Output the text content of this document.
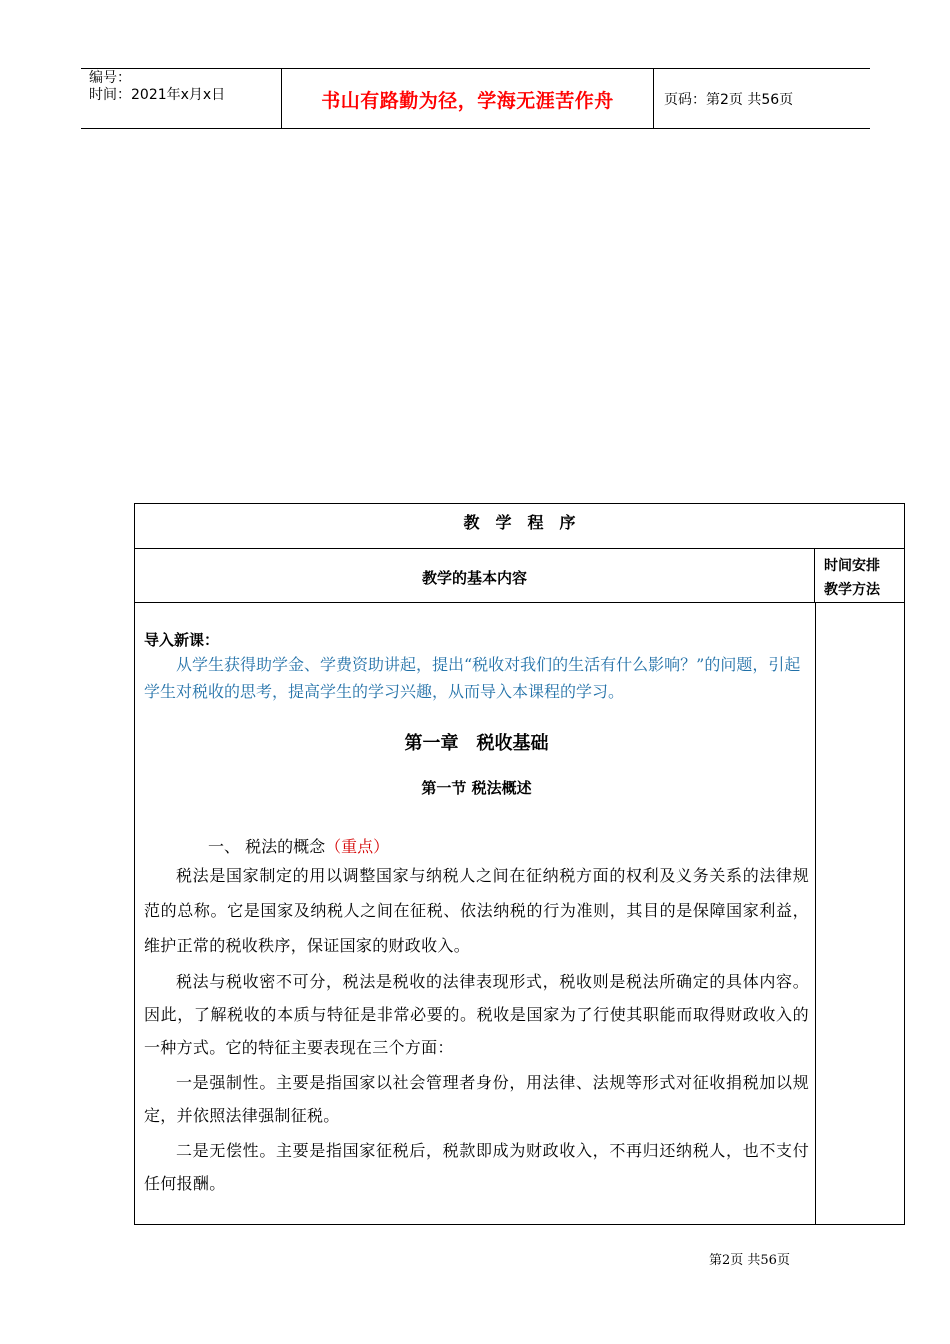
编号：
时间：2021年x月x日	书山有路勤为径，学海无涯苦作舟	页码：第2页 共56页
教学程序
教学的基本内容
时间安排
教学方法
导入新课：

从学生获得助学金、学费资助讲起，提出“税收对我们的生活有什么影响？”的问题，引起学生对税收的思考，提高学生的学习兴趣，从而导入本课程的学习。

第一章 税收基础
第一节 税法概述
一、 税法的概念（重点）

税法是国家制定的用以调整国家与纳税人之间在征纳税方面的权利及义务关系的法律规范的总称。它是国家及纳税人之间在征税、依法纳税的行为准则，其目的是保障国家利益，维护正常的税收秩序，保证国家的财政收入。

税法与税收密不可分，税法是税收的法律表现形式，税收则是税法所确定的具体内容。因此，了解税收的本质与特征是非常必要的。税收是国家为了行使其职能而取得财政收入的一种方式。它的特征主要表现在三个方面：

一是强制性。主要是指国家以社会管理者身份，用法律、法规等形式对征收捐税加以规定，并依照法律强制征税。

二是无偿性。主要是指国家征税后，税款即成为财政收入，不再归还纳税人，也不支付任何报酬。

第2页 共56页
